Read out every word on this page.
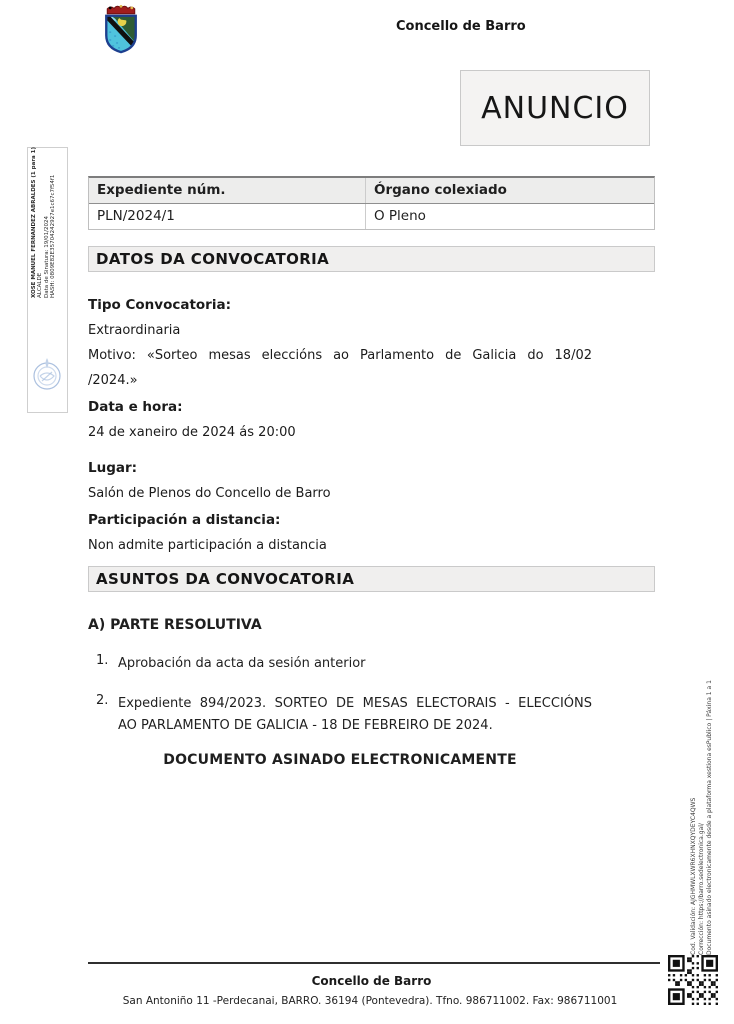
Concello de Barro
ANUNCIO
Expediente núm.	Órgano colexiado
PLN/2024/1	O Pleno
DATOS DA CONVOCATORIA
Tipo Convocatoria:
Extraordinaria
Motivo: «Sorteo mesas eleccións ao Parlamento de Galicia do 18/02
/2024.»
Data e hora:
24 de xaneiro de 2024 ás 20:00
Lugar:
Salón de Plenos do Concello de Barro
Participación a distancia:
Non admite participación a distancia
ASUNTOS DA CONVOCATORIA
A) PARTE RESOLUTIVA
1. Aprobación da acta da sesión anterior
2. Expediente 894/2023. SORTEO DE MESAS ELECTORAIS - ELECCIÓNS
AO PARLAMENTO DE GALICIA - 18 DE FEBREIRO DE 2024.
DOCUMENTO ASINADO ELECTRONICAMENTE
Concello de Barro
San Antoniño 11 -Perdecanai, BARRO. 36194 (Pontevedra). Tfno. 986711002. Fax: 986711001
XOSE MANUEL FERNANDEZ ABRALDES (1 para 1) ALCALDE Data de Sinatura: 19/01/2024 HASH: 0809E82E35704242927e1c67c7f54f1
Cod. Validación: AJGHMWLXWR6XHNXQYDEYC4QWS Corrección: https://barro.sedelectronica.gal/ Documento asinado electronicamente desde a plataforma xestiona esPublico | Páxina 1 a 1
